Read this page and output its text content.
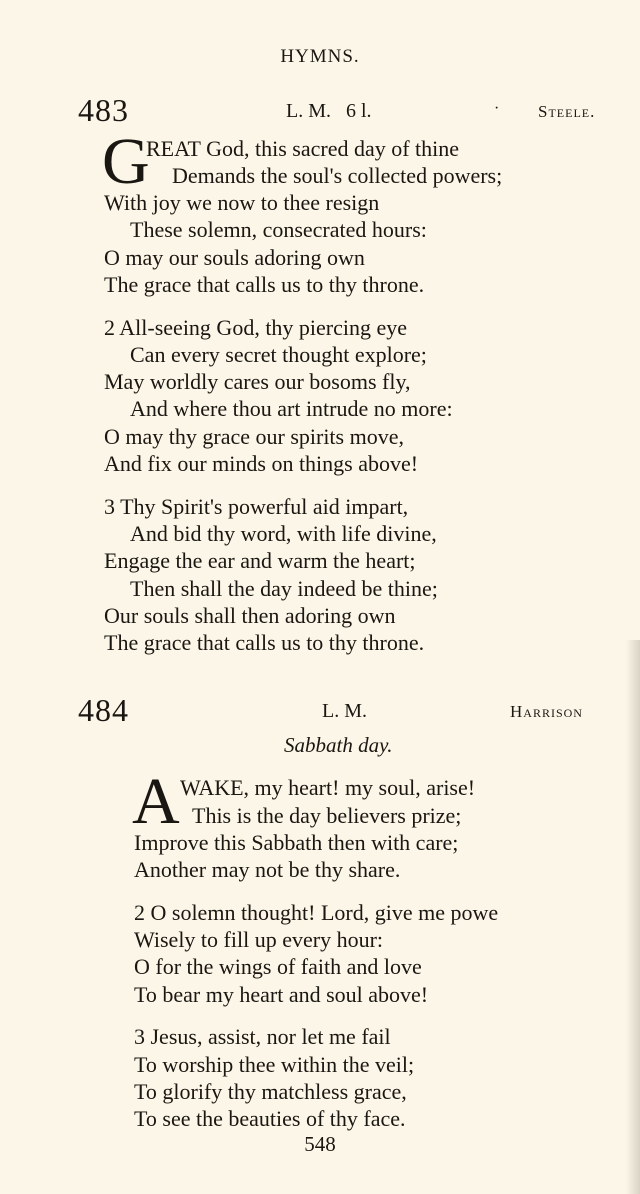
HYMNS.
483	L. M.   6 l.	· Steele.
G
REAT God, this sacred day of thine
Demands the soul's collected powers;
With joy we now to thee resign
These solemn, consecrated hours:
O may our souls adoring own
The grace that calls us to thy throne.
2 All-seeing God, thy piercing eye
Can every secret thought explore;
May worldly cares our bosoms fly,
And where thou art intrude no more:
O may thy grace our spirits move,
And fix our minds on things above!
3 Thy Spirit's powerful aid impart,
And bid thy word, with life divine,
Engage the ear and warm the heart;
Then shall the day indeed be thine;
Our souls shall then adoring own
The grace that calls us to thy throne.
484	L. M.	Harrison
Sabbath day.
A WAKE, my heart! my soul, arise!
This is the day believers prize;
Improve this Sabbath then with care;
Another may not be thy share.
2 O solemn thought! Lord, give me powe
Wisely to fill up every hour:
O for the wings of faith and love
To bear my heart and soul above!
3 Jesus, assist, nor let me fail
To worship thee within the veil;
To glorify thy matchless grace,
To see the beauties of thy face.
548
